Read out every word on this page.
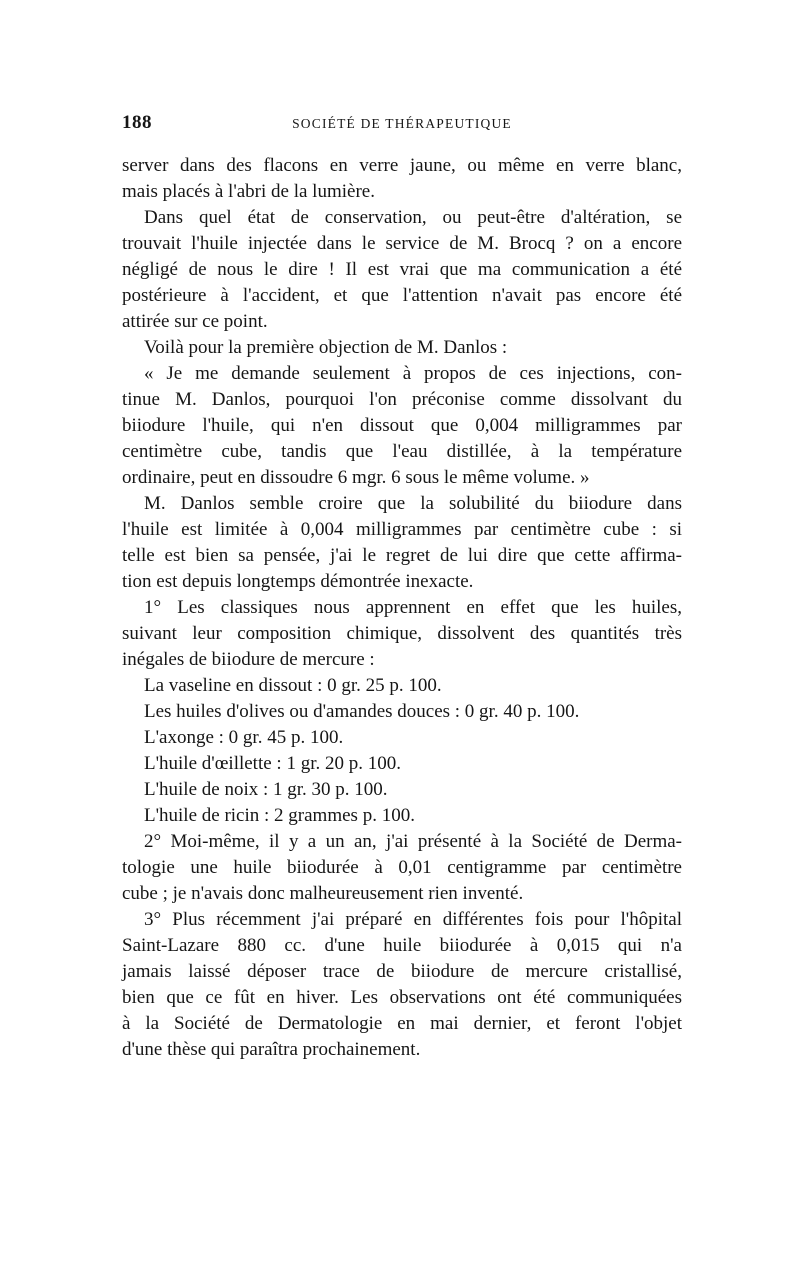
188	SOCIÉTÉ DE THÉRAPEUTIQUE
server dans des flacons en verre jaune, ou même en verre blanc,
mais placés à l'abri de la lumière.
Dans quel état de conservation, ou peut-être d'altération, se
trouvait l'huile injectée dans le service de M. Brocq ? on a encore
négligé de nous le dire ! Il est vrai que ma communication a été
postérieure à l'accident, et que l'attention n'avait pas encore été
attirée sur ce point.
Voilà pour la première objection de M. Danlos :
« Je me demande seulement à propos de ces injections, con-
tinue M. Danlos, pourquoi l'on préconise comme dissolvant du
biiodure l'huile, qui n'en dissout que 0,004 milligrammes par
centimètre cube, tandis que l'eau distillée, à la température
ordinaire, peut en dissoudre 6 mgr. 6 sous le même volume. »
M. Danlos semble croire que la solubilité du biiodure dans
l'huile est limitée à 0,004 milligrammes par centimètre cube : si
telle est bien sa pensée, j'ai le regret de lui dire que cette affirma-
tion est depuis longtemps démontrée inexacte.
1° Les classiques nous apprennent en effet que les huiles,
suivant leur composition chimique, dissolvent des quantités très
inégales de biiodure de mercure :
La vaseline en dissout : 0 gr. 25 p. 100.
Les huiles d'olives ou d'amandes douces : 0 gr. 40 p. 100.
L'axonge : 0 gr. 45 p. 100.
L'huile d'œillette : 1 gr. 20 p. 100.
L'huile de noix : 1 gr. 30 p. 100.
L'huile de ricin : 2 grammes p. 100.
2° Moi-même, il y a un an, j'ai présenté à la Société de Derma-
tologie une huile biiodurée à 0,01 centigramme par centimètre
cube ; je n'avais donc malheureusement rien inventé.
3° Plus récemment j'ai préparé en différentes fois pour l'hôpital
Saint-Lazare 880 cc. d'une huile biiodurée à 0,015 qui n'a
jamais laissé déposer trace de biiodure de mercure cristallisé,
bien que ce fût en hiver. Les observations ont été communiquées
à la Société de Dermatologie en mai dernier, et feront l'objet
d'une thèse qui paraîtra prochainement.
